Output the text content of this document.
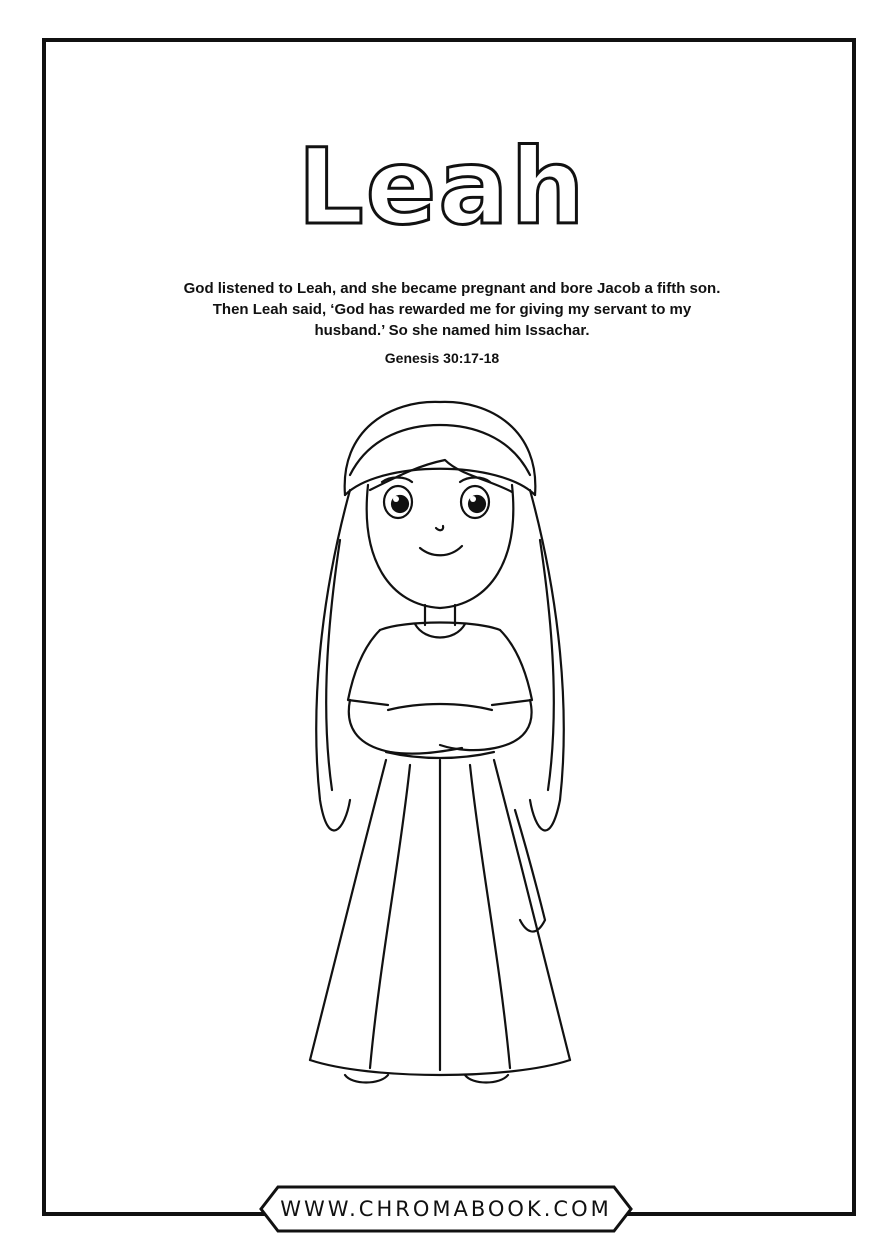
Leah
God listened to Leah, and she became pregnant and bore Jacob a fifth son. Then Leah said, ‘God has rewarded me for giving my servant to my husband.’ So she named him Issachar.
Genesis 30:17-18
WWW.CHROMABOOK.COM
